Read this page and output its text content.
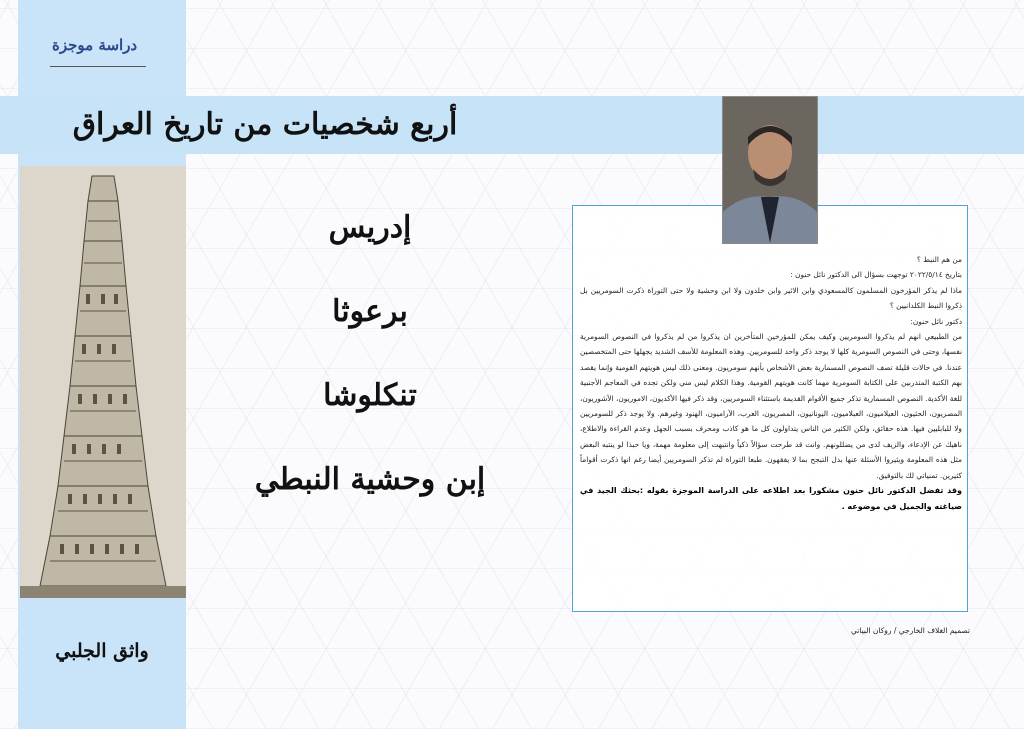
دراسة موجزة
أربع شخصيات من تاريخ العراق
إدريس
برعوثا
تنكلوشا
إبن وحشية النبطي
واثق الجلبي

من هم النبط ؟

بتاريخ ٢٠٢٢/٥/١٤ توجهت بسؤال الى الدكتور نائل حنون :

ماذا لم يذكر المؤرخون المسلمون كالمسعودي وابن الاثير وابن خلدون ولا ابن وحشية ولا حتى التوراة ذكرت السومريين بل ذكروا النبط الكلدانيين ؟

دكتور نائل حنون:

من الطبيعي انهم لم يذكروا السومريين وكيف يمكن للمؤرخين المتأخرين ان يذكروا من لم يذكروا في النصوص السومرية نفسها، وحتى في النصوص السومرية كلها لا يوجد ذكر واحد للسومريين. وهذه المعلومة للأسف الشديد يجهلها حتى المتخصصين عندنا. في حالات قليلة تصف النصوص المسمارية بعض الأشخاص بأنهم سومريون. ومعنى ذلك ليس هويتهم القومية وإنما يقصد بهم الكتبة المتدربين على الكتابة السومرية مهما كانت هويتهم القومية. وهذا الكلام ليس مني ولكن تجده في المعاجم الأجنبية للغة الأكدية. النصوص المسمارية تذكر جميع الأقوام القديمة باستثناء السومريين، وقد ذكر فيها الأكديون، الاموريون، الآشوريون، المصريون، الحثيون، العيلاميون، العبلاميون، اليونانيون، المصريون، العرب، الآراميون، الهنود وغيرهم. ولا يوجد ذكر للسومريين ولا للبابليين فيها. هذه حقائق، ولكن الكثير من الناس يتداولون كل ما هو كاذب ومحرف بسبب الجهل وعدم القراءة والاطلاع، ناهيك عن الإدعاء، والزيف لدى من يضللونهم. وانت قد طرحت سؤالاً ذكياً وانتبهت إلى معلومة مهمة، ويا حبذا لو ينتبه البعض مثل هذه المعلومة ويثيروا الأسئلة عنها بدل التبجح بما لا يفقهون. طبعا التوراة لم تذكر السومريين أيضا رغم انها ذكرت أقواماً كثيرين. تمنياتي لك بالتوفيق.

وقد تفضل الدكتور نائل حنون مشكورا بعد اطلاعه على الدراسة الموجزة بقوله :بحثك الجيد في صياغته والجميل في موضوعه .

تصميم الغلاف الخارجي / روكان البياتي
